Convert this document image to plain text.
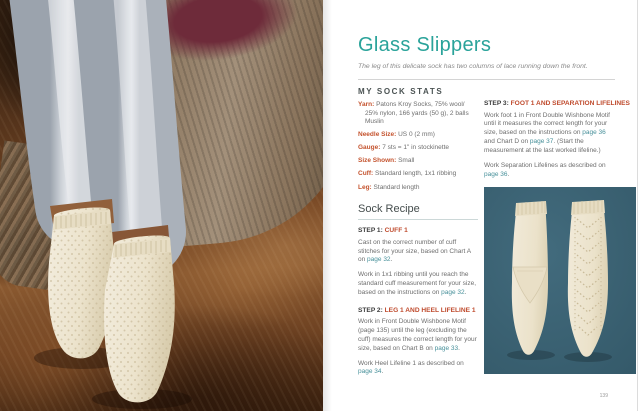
Glass Slippers

The leg of this delicate sock has two columns of lace running down the front.

MY SOCK STATS
Yarn: Patons Kroy Socks, 75% wool/ 25% nylon, 166 yards (50 g), 2 balls Muslin
Needle Size: US 0 (2 mm)
Gauge: 7 sts = 1" in stockinette
Size Shown: Small
Cuff: Standard length, 1x1 ribbing
Leg: Standard length
Sock Recipe
STEP 1: CUFF 1

Cast on the correct number of cuff stitches for your size, based on Chart A on page 32.

Work in 1x1 ribbing until you reach the standard cuff measurement for your size, based on the instructions on page 32.

STEP 2: LEG 1 AND HEEL LIFELINE 1

Work in Front Double Wishbone Motif (page 135) until the leg (excluding the cuff) measures the correct length for your size, based on Chart B on page 33.

Work Heel Lifeline 1 as described on page 34.

STEP 3: FOOT 1 AND SEPARATION LIFELINES

Work foot 1 in Front Double Wishbone Motif until it measures the correct length for your size, based on the instructions on page 36 and Chart D on page 37. (Start the measurement at the last worked lifeline.)

Work Separation Lifelines as described on page 36.

139
